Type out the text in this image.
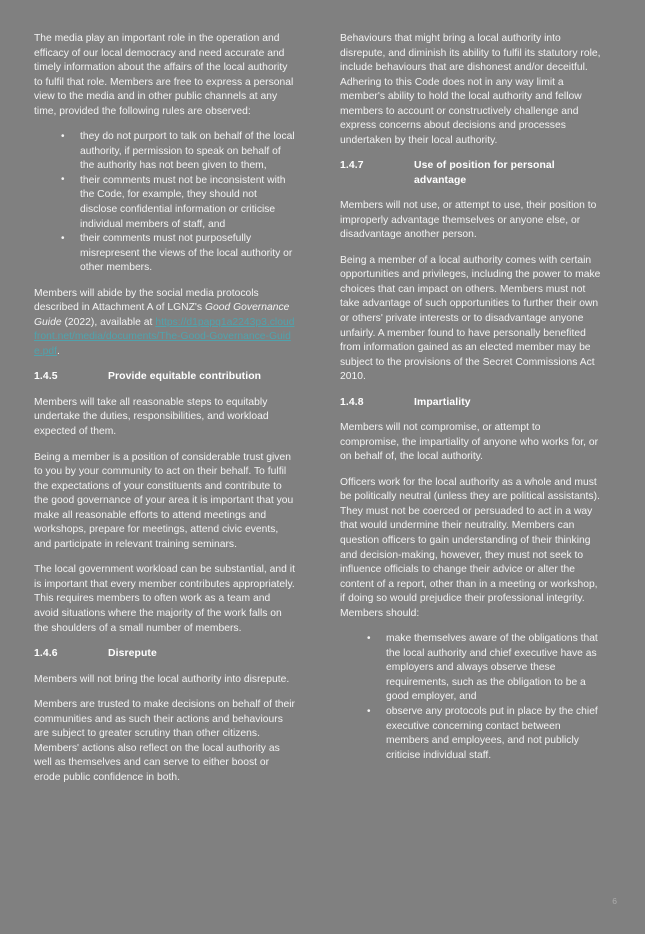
The media play an important role in the operation and efficacy of our local democracy and need accurate and timely information about the affairs of the local authority to fulfil that role. Members are free to express a personal view to the media and in other public channels at any time, provided the following rules are observed:

• they do not purport to talk on behalf of the local authority, if permission to speak on behalf of the authority has not been given to them,
• their comments must not be inconsistent with the Code, for example, they should not disclose confidential information or criticise individual members of staff, and
• their comments must not purposefully misrepresent the views of the local authority or other members.

Members will abide by the social media protocols described in Attachment A of LGNZ's Good Governance Guide (2022), available at https://d1papq1a2243p3.cloudfront.net/media/documents/The-Good-Governance-Guide.pdf.

1.4.5	Provide equitable contribution

Members will take all reasonable steps to equitably undertake the duties, responsibilities, and workload expected of them.

Being a member is a position of considerable trust given to you by your community to act on their behalf. To fulfil the expectations of your constituents and contribute to the good governance of your area it is important that you make all reasonable efforts to attend meetings and workshops, prepare for meetings, attend civic events, and participate in relevant training seminars.

The local government workload can be substantial, and it is important that every member contributes appropriately. This requires members to often work as a team and avoid situations where the majority of the work falls on the shoulders of a small number of members.

1.4.6	Disrepute

Members will not bring the local authority into disrepute.

Members are trusted to make decisions on behalf of their communities and as such their actions and behaviours are subject to greater scrutiny than other citizens. Members' actions also reflect on the local authority as well as themselves and can serve to either boost or erode public confidence in both.

Behaviours that might bring a local authority into disrepute, and diminish its ability to fulfil its statutory role, include behaviours that are dishonest and/or deceitful. Adhering to this Code does not in any way limit a member's ability to hold the local authority and fellow members to account or constructively challenge and express concerns about decisions and processes undertaken by their local authority.

1.4.7	Use of position for personal advantage

Members will not use, or attempt to use, their position to improperly advantage themselves or anyone else, or disadvantage another person.

Being a member of a local authority comes with certain opportunities and privileges, including the power to make choices that can impact on others. Members must not take advantage of such opportunities to further their own or others' private interests or to disadvantage anyone unfairly. A member found to have personally benefited from information gained as an elected member may be subject to the provisions of the Secret Commissions Act 2010.

1.4.8	Impartiality

Members will not compromise, or attempt to compromise, the impartiality of anyone who works for, or on behalf of, the local authority.

Officers work for the local authority as a whole and must be politically neutral (unless they are political assistants). They must not be coerced or persuaded to act in a way that would undermine their neutrality. Members can question officers to gain understanding of their thinking and decision-making, however, they must not seek to influence officials to change their advice or alter the content of a report, other than in a meeting or workshop, if doing so would prejudice their professional integrity. Members should:

• make themselves aware of the obligations that the local authority and chief executive have as employers and always observe these requirements, such as the obligation to be a good employer, and
• observe any protocols put in place by the chief executive concerning contact between members and employees, and not publicly criticise individual staff.
6
